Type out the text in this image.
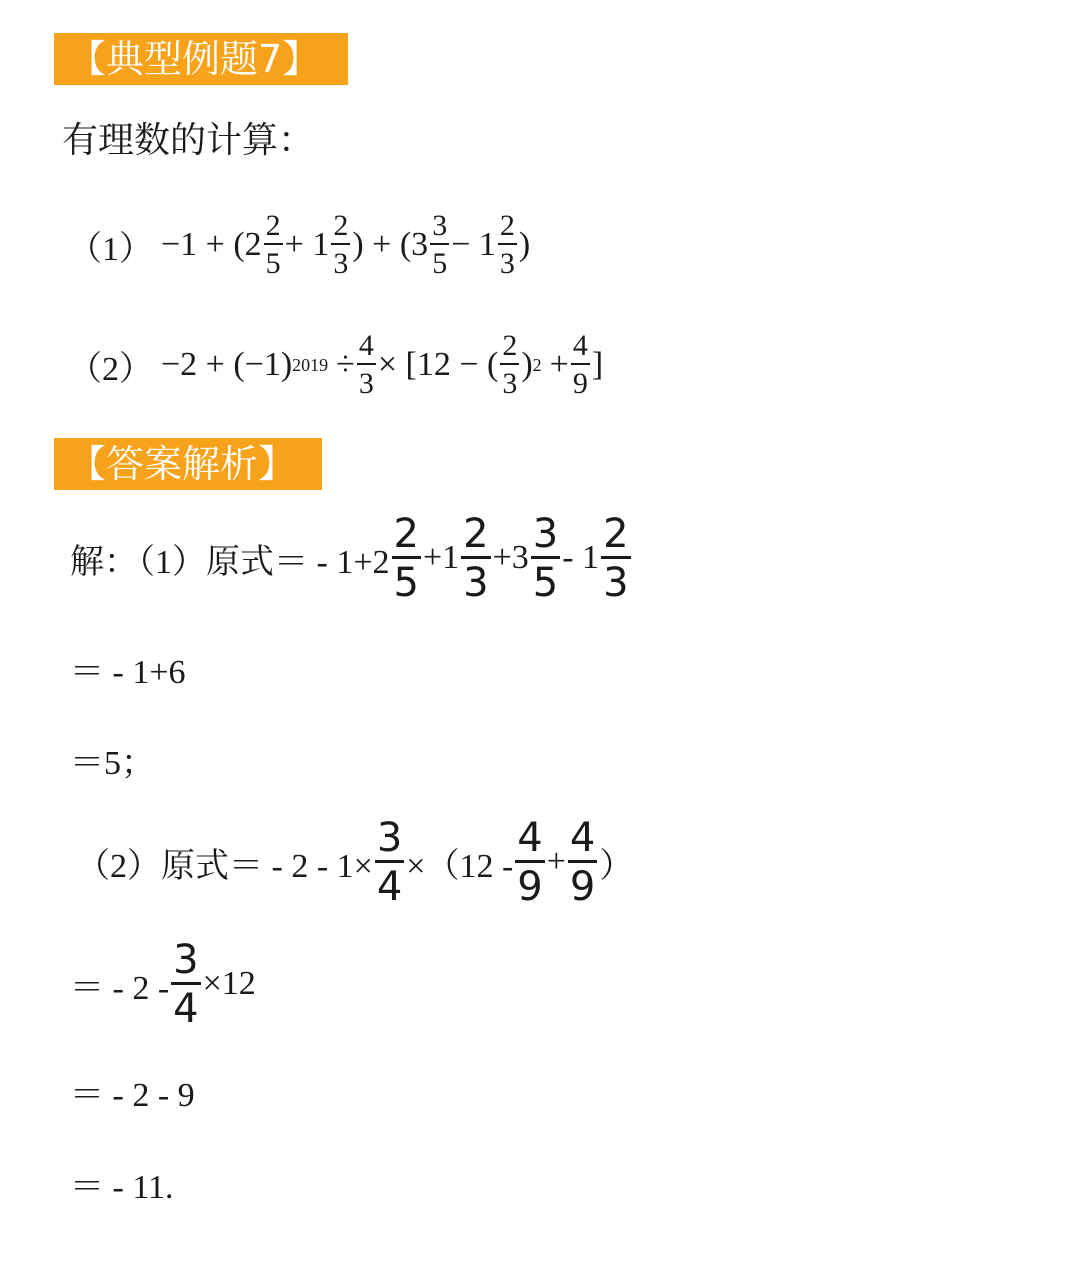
【典型例题7】
有理数的计算：
$(1) -1 + (2 \frac{2}{5} + 1 \frac{2}{3}$ ) + ($3 \frac{3}{5} - 1 \frac{2}{3}$ )
（2） −2 + (−1) $2019 \div \frac{4}{3} \times [12$ − ( $\frac{2}{3}$ ) $2 + \frac{4}{9}$ ]
【答案解析】
解：（1）原式＝ - $1+2 \frac{2}{5} +1 \frac{2}{3} +3 \frac{3}{5} - 1 \frac{2}{3}$
＝ - 1+6
＝5；
（2）原式＝ - $2 - 1\times \frac{3}{4} \times(12 - \frac{4}{9} + \frac{4}{9}$ ）
＝ - $2 - \frac{3}{4} \times 12$
＝ - 2 - 9
＝ - 11.
